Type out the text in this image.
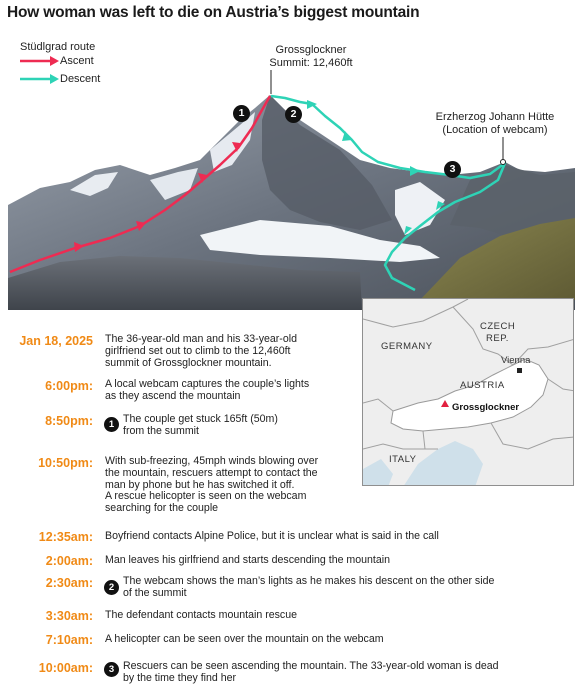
How woman was left to die on Austria’s biggest mountain
Stüdlgrad route
Ascent
Descent
Grossglockner
Summit: 12,460ft
Erzherzog Johann Hütte
(Location of webcam)
1	2
3
GERMANY
CZECH
REP.
Vienna
AUSTRIA
Grossglockner
ITALY
Jan 18, 2025 The 36-year-old man and his 33-year-old
girlfriend set out to climb to the 12,460ft
summit of Grossglockner mountain.
6:00pm: A local webcam captures the couple’s lights
as they ascend the mountain
8:50pm:	1 The couple get stuck 165ft (50m)
from the summit
10:50pm: With sub-freezing, 45mph winds blowing over
the mountain, rescuers attempt to contact the
man by phone but he has switched it off.
A rescue helicopter is seen on the webcam
searching for the couple
12:35am: Boyfriend contacts Alpine Police, but it is unclear what is said in the call
2:00am: Man leaves his girlfriend and starts descending the mountain
2:30am:	2
The webcam shows the man’s lights as he makes his descent on the other side
of the summit
3:30am: The defendant contacts mountain rescue
7:10am: A helicopter can be seen over the mountain on the webcam
10:00am:	3 Rescuers can be seen ascending the mountain. The 33-year-old woman is dead
by the time they find her
